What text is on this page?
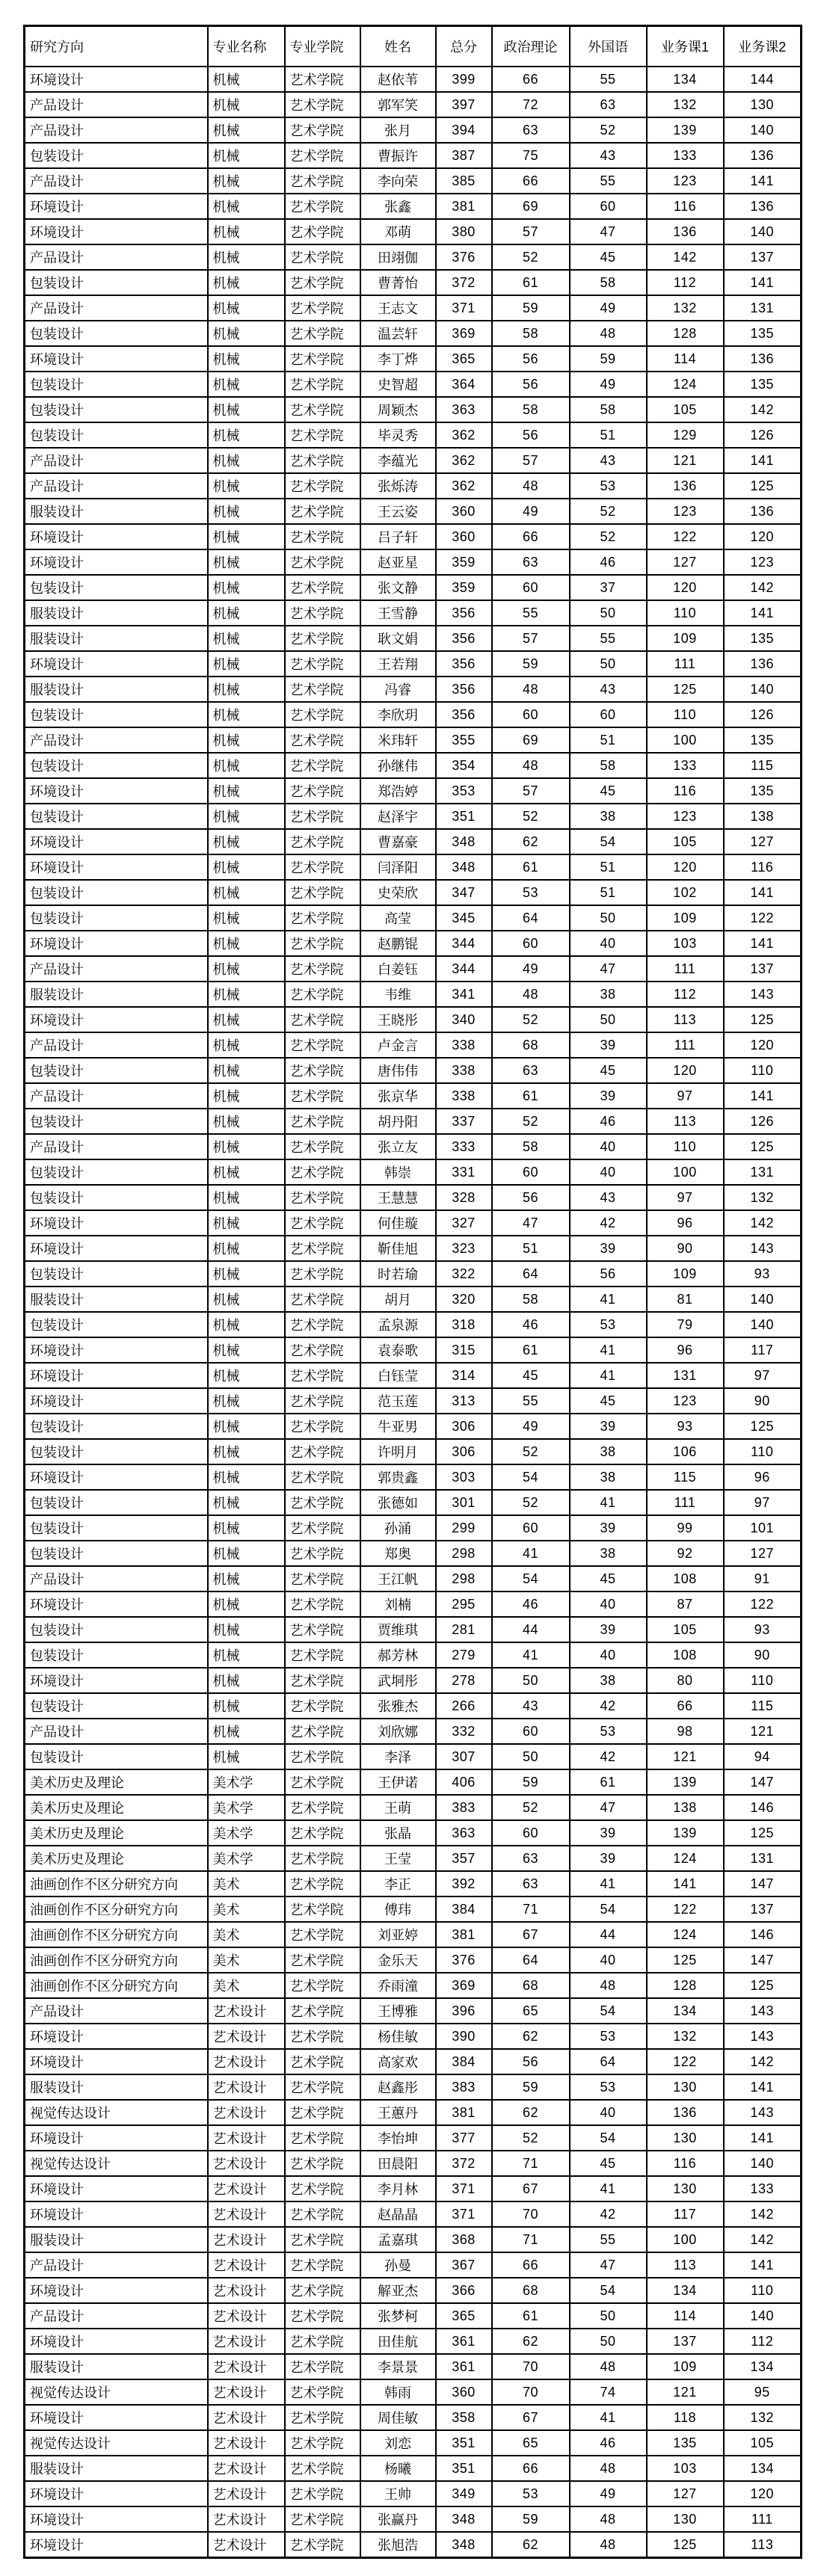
研究方向	专业名称	专业学院	姓名	总分	政治理论	外国语	业务课1	业务课2
环境设计	机械	艺术学院	赵依苇	399	66	55	134	144
产品设计	机械	艺术学院	郭军笑	397	72	63	132	130
产品设计	机械	艺术学院	张月	394	63	52	139	140
包装设计	机械	艺术学院	曹振许	387	75	43	133	136
产品设计	机械	艺术学院	李向荣	385	66	55	123	141
环境设计	机械	艺术学院	张鑫	381	69	60	116	136
环境设计	机械	艺术学院	邓萌	380	57	47	136	140
产品设计	机械	艺术学院	田翊伽	376	52	45	142	137
包装设计	机械	艺术学院	曹菁怡	372	61	58	112	141
产品设计	机械	艺术学院	王志文	371	59	49	132	131
包装设计	机械	艺术学院	温芸轩	369	58	48	128	135
环境设计	机械	艺术学院	李丁烨	365	56	59	114	136
包装设计	机械	艺术学院	史智超	364	56	49	124	135
包装设计	机械	艺术学院	周颖杰	363	58	58	105	142
包装设计	机械	艺术学院	毕灵秀	362	56	51	129	126
产品设计	机械	艺术学院	李蕴光	362	57	43	121	141
产品设计	机械	艺术学院	张烁涛	362	48	53	136	125
服装设计	机械	艺术学院	王云姿	360	49	52	123	136
环境设计	机械	艺术学院	吕子轩	360	66	52	122	120
环境设计	机械	艺术学院	赵亚星	359	63	46	127	123
包装设计	机械	艺术学院	张文静	359	60	37	120	142
服装设计	机械	艺术学院	王雪静	356	55	50	110	141
服装设计	机械	艺术学院	耿文娟	356	57	55	109	135
环境设计	机械	艺术学院	王若翔	356	59	50	111	136
服装设计	机械	艺术学院	冯睿	356	48	43	125	140
包装设计	机械	艺术学院	李欣玥	356	60	60	110	126
产品设计	机械	艺术学院	米玮轩	355	69	51	100	135
包装设计	机械	艺术学院	孙继伟	354	48	58	133	115
环境设计	机械	艺术学院	郑浩婷	353	57	45	116	135
包装设计	机械	艺术学院	赵泽宇	351	52	38	123	138
环境设计	机械	艺术学院	曹嘉豪	348	62	54	105	127
环境设计	机械	艺术学院	闫泽阳	348	61	51	120	116
包装设计	机械	艺术学院	史荣欣	347	53	51	102	141
包装设计	机械	艺术学院	高莹	345	64	50	109	122
环境设计	机械	艺术学院	赵鹏锟	344	60	40	103	141
产品设计	机械	艺术学院	白姜钰	344	49	47	111	137
服装设计	机械	艺术学院	韦维	341	48	38	112	143
环境设计	机械	艺术学院	王晓彤	340	52	50	113	125
产品设计	机械	艺术学院	卢金言	338	68	39	111	120
包装设计	机械	艺术学院	唐伟伟	338	63	45	120	110
产品设计	机械	艺术学院	张京华	338	61	39	97	141
包装设计	机械	艺术学院	胡丹阳	337	52	46	113	126
产品设计	机械	艺术学院	张立友	333	58	40	110	125
包装设计	机械	艺术学院	韩崇	331	60	40	100	131
包装设计	机械	艺术学院	王慧慧	328	56	43	97	132
环境设计	机械	艺术学院	何佳璇	327	47	42	96	142
环境设计	机械	艺术学院	靳佳旭	323	51	39	90	143
包装设计	机械	艺术学院	时若瑜	322	64	56	109	93
服装设计	机械	艺术学院	胡月	320	58	41	81	140
包装设计	机械	艺术学院	孟泉源	318	46	53	79	140
环境设计	机械	艺术学院	袁泰歌	315	61	41	96	117
环境设计	机械	艺术学院	白钰莹	314	45	41	131	97
环境设计	机械	艺术学院	范玉莲	313	55	45	123	90
包装设计	机械	艺术学院	牛亚男	306	49	39	93	125
包装设计	机械	艺术学院	许明月	306	52	38	106	110
环境设计	机械	艺术学院	郭贵鑫	303	54	38	115	96
包装设计	机械	艺术学院	张德如	301	52	41	111	97
包装设计	机械	艺术学院	孙涌	299	60	39	99	101
包装设计	机械	艺术学院	郑奥	298	41	38	92	127
产品设计	机械	艺术学院	王江帆	298	54	45	108	91
环境设计	机械	艺术学院	刘楠	295	46	40	87	122
包装设计	机械	艺术学院	贾维琪	281	44	39	105	93
包装设计	机械	艺术学院	郝芳林	279	41	40	108	90
环境设计	机械	艺术学院	武垌彤	278	50	38	80	110
包装设计	机械	艺术学院	张雅杰	266	43	42	66	115
产品设计	机械	艺术学院	刘欣娜	332	60	53	98	121
包装设计	机械	艺术学院	李泽	307	50	42	121	94
美术历史及理论	美术学	艺术学院	王伊诺	406	59	61	139	147
美术历史及理论	美术学	艺术学院	王萌	383	52	47	138	146
美术历史及理论	美术学	艺术学院	张晶	363	60	39	139	125
美术历史及理论	美术学	艺术学院	王莹	357	63	39	124	131
油画创作不区分研究方向	美术	艺术学院	李正	392	63	41	141	147
油画创作不区分研究方向	美术	艺术学院	傅玮	384	71	54	122	137
油画创作不区分研究方向	美术	艺术学院	刘亚婷	381	67	44	124	146
油画创作不区分研究方向	美术	艺术学院	金乐天	376	64	40	125	147
油画创作不区分研究方向	美术	艺术学院	乔雨潼	369	68	48	128	125
产品设计	艺术设计	艺术学院	王博雅	396	65	54	134	143
环境设计	艺术设计	艺术学院	杨佳敏	390	62	53	132	143
环境设计	艺术设计	艺术学院	高家欢	384	56	64	122	142
服装设计	艺术设计	艺术学院	赵鑫彤	383	59	53	130	141
视觉传达设计	艺术设计	艺术学院	王蕙丹	381	62	40	136	143
环境设计	艺术设计	艺术学院	李怡坤	377	52	54	130	141
视觉传达设计	艺术设计	艺术学院	田晨阳	372	71	45	116	140
环境设计	艺术设计	艺术学院	李月林	371	67	41	130	133
环境设计	艺术设计	艺术学院	赵晶晶	371	70	42	117	142
服装设计	艺术设计	艺术学院	孟嘉琪	368	71	55	100	142
产品设计	艺术设计	艺术学院	孙曼	367	66	47	113	141
环境设计	艺术设计	艺术学院	解亚杰	366	68	54	134	110
产品设计	艺术设计	艺术学院	张梦柯	365	61	50	114	140
环境设计	艺术设计	艺术学院	田佳航	361	62	50	137	112
服装设计	艺术设计	艺术学院	李景景	361	70	48	109	134
视觉传达设计	艺术设计	艺术学院	韩雨	360	70	74	121	95
环境设计	艺术设计	艺术学院	周佳敏	358	67	41	118	132
视觉传达设计	艺术设计	艺术学院	刘恋	351	65	46	135	105
服装设计	艺术设计	艺术学院	杨曦	351	66	48	103	134
环境设计	艺术设计	艺术学院	王帅	349	53	49	127	120
环境设计	艺术设计	艺术学院	张赢丹	348	59	48	130	111
环境设计	艺术设计	艺术学院	张旭浩	348	62	48	125	113
